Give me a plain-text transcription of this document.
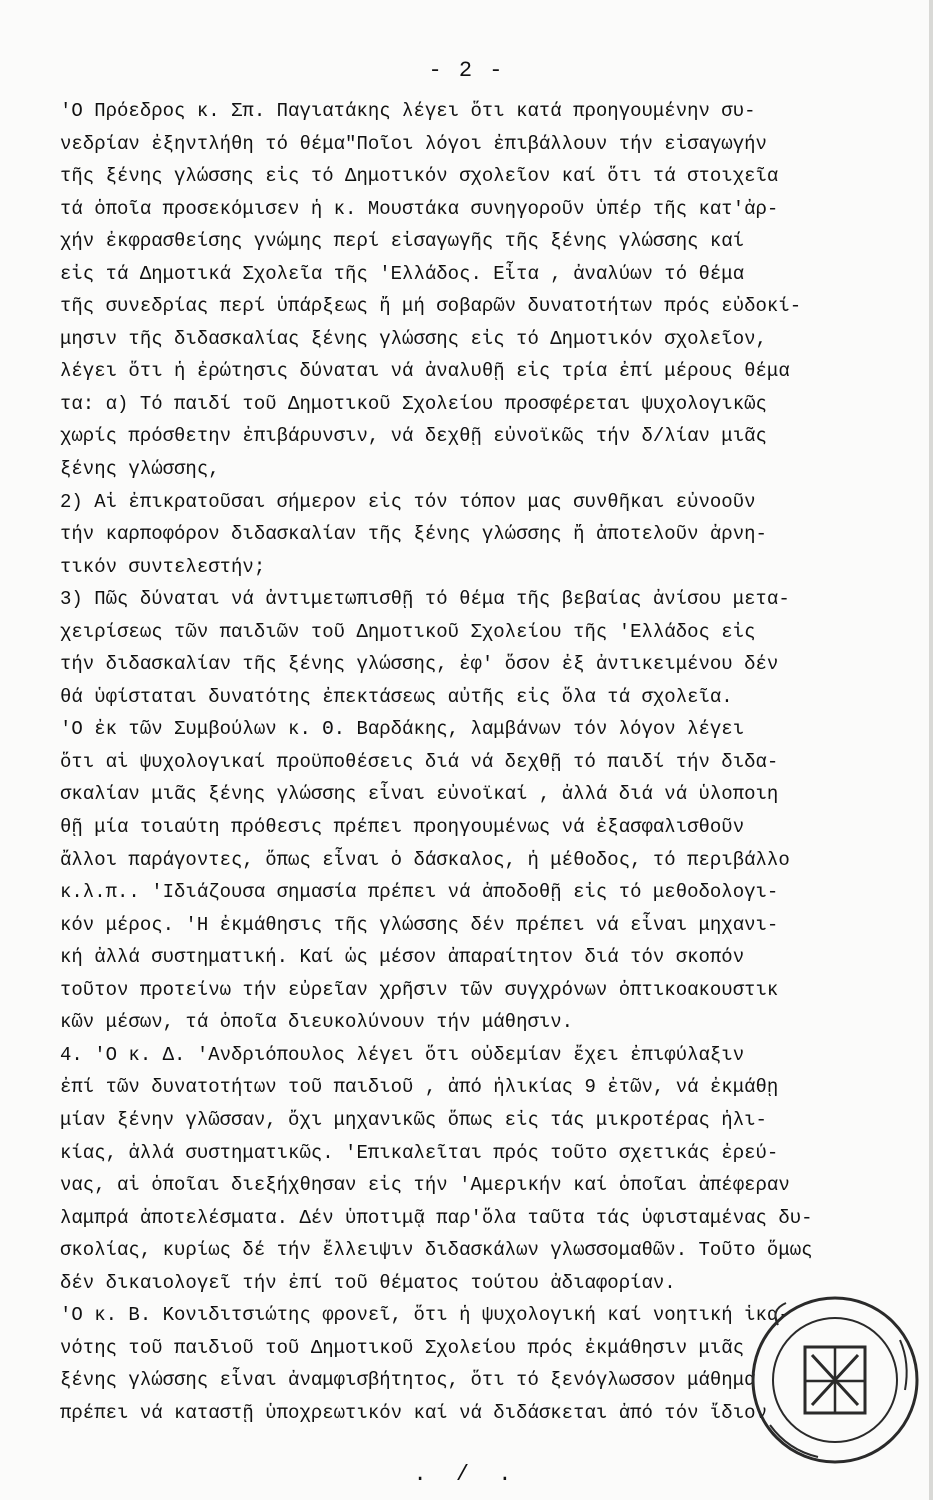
- 2 -
'Ο Πρόεδρος κ. Σπ. Παγιατάκης λέγει ὅτι κατά προηγουμένην συ-
νεδρίαν ἐξηντλήθη τό θέμα"Ποῖοι λόγοι ἐπιβάλλουν τήν εἰσαγωγήν
τῆς ξένης γλώσσης εἰς τό Δημοτικόν σχολεῖον καί ὅτι τά στοιχεῖα
τά ὁποῖα προσεκόμισεν ἡ κ. Μουστάκα συνηγοροῦν ὑπέρ τῆς κατ'ἀρ-
χήν ἐκφρασθείσης γνώμης περί εἰσαγωγῆς τῆς ξένης γλώσσης καί
εἰς τά Δημοτικά Σχολεῖα τῆς 'Ελλάδος. Εἶτα , ἀναλύων τό θέμα
τῆς συνεδρίας περί ὑπάρξεως ἤ μή σοβαρῶν δυνατοτήτων πρός εὐδοκί-
μησιν τῆς διδασκαλίας ξένης γλώσσης εἰς τό Δημοτικόν σχολεῖον,
λέγει ὅτι ἡ ἐρώτησις δύναται νά ἀναλυθῇ εἰς τρία ἐπί μέρους θέμα
τα: α) Τό παιδί τοῦ Δημοτικοῦ Σχολείου προσφέρεται ψυχολογικῶς
χωρίς πρόσθετην ἐπιβάρυνσιν, νά δεχθῇ εὐνοϊκῶς τήν δ/λίαν μιᾶς
ξένης γλώσσης,
2) Αἱ ἐπικρατοῦσαι σήμερον εἰς τόν τόπον μας συνθῆκαι εὐνοοῦν
τήν καρποφόρον διδασκαλίαν τῆς ξένης γλώσσης ἤ ἀποτελοῦν ἀρνη-
τικόν συντελεστήν;
3) Πῶς δύναται νά ἀντιμετωπισθῇ τό θέμα τῆς βεβαίας ἀνίσου μετα-
χειρίσεως τῶν παιδιῶν τοῦ Δημοτικοῦ Σχολείου τῆς 'Ελλάδος εἰς
τήν διδασκαλίαν τῆς ξένης γλώσσης, ἐφ' ὅσον ἐξ ἀντικειμένου δέν
θά ὑφίσταται δυνατότης ἐπεκτάσεως αὐτῆς εἰς ὅλα τά σχολεῖα.
'Ο ἐκ τῶν Συμβούλων κ. Θ. Βαρδάκης, λαμβάνων τόν λόγον λέγει
ὅτι αἱ ψυχολογικαί προϋποθέσεις διά νά δεχθῇ τό παιδί τήν διδα-
σκαλίαν μιᾶς ξένης γλώσσης εἶναι εὐνοϊκαί , ἀλλά διά νά ὑλοποιη
θῇ μία τοιαύτη πρόθεσις πρέπει προηγουμένως νά ἐξασφαλισθοῦν
ἄλλοι παράγοντες, ὅπως εἶναι ὁ δάσκαλος, ἡ μέθοδος, τό περιβάλλο
κ.λ.π.. 'Ιδιάζουσα σημασία πρέπει νά ἀποδοθῇ εἰς τό μεθοδολογι-
κόν μέρος. 'Η ἐκμάθησις τῆς γλώσσης δέν πρέπει νά εἶναι μηχανι-
κή ἀλλά συστηματική. Καί ὡς μέσον ἀπαραίτητον διά τόν σκοπόν
τοῦτον προτείνω τήν εὐρεῖαν χρῆσιν τῶν συγχρόνων ὀπτικοακουστικ
κῶν μέσων, τά ὁποῖα διευκολύνουν τήν μάθησιν.
4. 'Ο κ. Δ. 'Ανδριόπουλος λέγει ὅτι οὐδεμίαν ἔχει ἐπιφύλαξιν
ἐπί τῶν δυνατοτήτων τοῦ παιδιοῦ , ἀπό ἡλικίας 9 ἐτῶν, νά ἐκμάθῃ
μίαν ξένην γλῶσσαν, ὄχι μηχανικῶς ὅπως εἰς τάς μικροτέρας ἡλι-
κίας, ἀλλά συστηματικῶς. 'Επικαλεῖται πρός τοῦτο σχετικάς ἐρεύ-
νας, αἱ ὁποῖαι διεξήχθησαν εἰς τήν 'Αμερικήν καί ὁποῖαι ἀπέφεραν
λαμπρά ἀποτελέσματα. Δέν ὑποτιμᾷ παρ'ὅλα ταῦτα τάς ὑφισταμένας δυ-
σκολίας, κυρίως δέ τήν ἔλλειψιν διδασκάλων γλωσσομαθῶν. Τοῦτο ὅμως
δέν δικαιολογεῖ τήν ἐπί τοῦ θέματος τούτου ἀδιαφορίαν.
'Ο κ. Β. Κονιδιτσιώτης φρονεῖ, ὅτι ἡ ψυχολογική καί νοητική ἱκα-
νότης τοῦ παιδιοῦ τοῦ Δημοτικοῦ Σχολείου πρός ἐκμάθησιν μιᾶς
ξένης γλώσσης εἶναι ἀναμφισβήτητος, ὅτι τό ξενόγλωσσον μάθημα
πρέπει νά καταστῇ ὑποχρεωτικόν καί νά διδάσκεται ἀπό τόν ἴδιον
. / .
